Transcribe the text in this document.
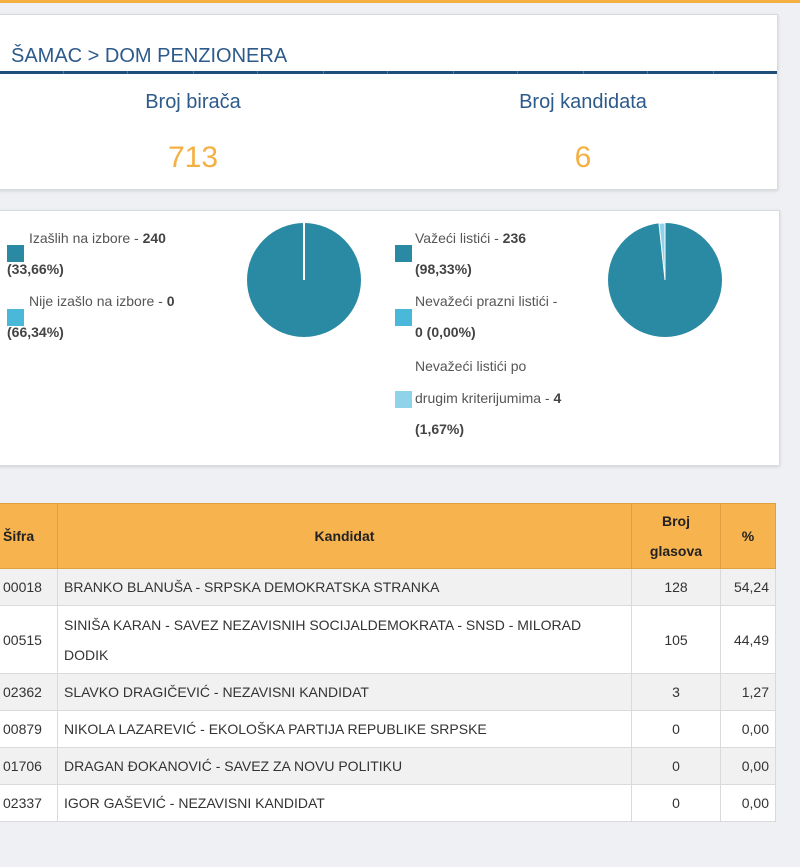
ŠAMAC > DOM PENZIONERA
Broj birača
713
Broj kandidata
6
Izašlih na izbore - 240
(33,66%)
Nije izašlo na izbore - 0
(66,34%)
Važeći listići - 236
(98,33%)
Nevažeći prazni listići -
0 (0,00%)
Nevažeći listići po
drugim kriterijumima - 4
(1,67%)
Šifra	Kandidat	Broj
glasova	%
00018	BRANKO BLANUŠA - SRPSKA DEMOKRATSKA STRANKA	128	54,24
00515	SINIŠA KARAN - SAVEZ NEZAVISNIH SOCIJALDEMOKRATA - SNSD - MILORAD
DODIK	105	44,49
02362	SLAVKO DRAGIČEVIĆ - NEZAVISNI KANDIDAT	3	1,27
00879	NIKOLA LAZAREVIĆ - EKOLOŠKA PARTIJA REPUBLIKE SRPSKE	0	0,00
01706	DRAGAN ĐOKANOVIĆ - SAVEZ ZA NOVU POLITIKU	0	0,00
02337	IGOR GAŠEVIĆ - NEZAVISNI KANDIDAT	0	0,00
